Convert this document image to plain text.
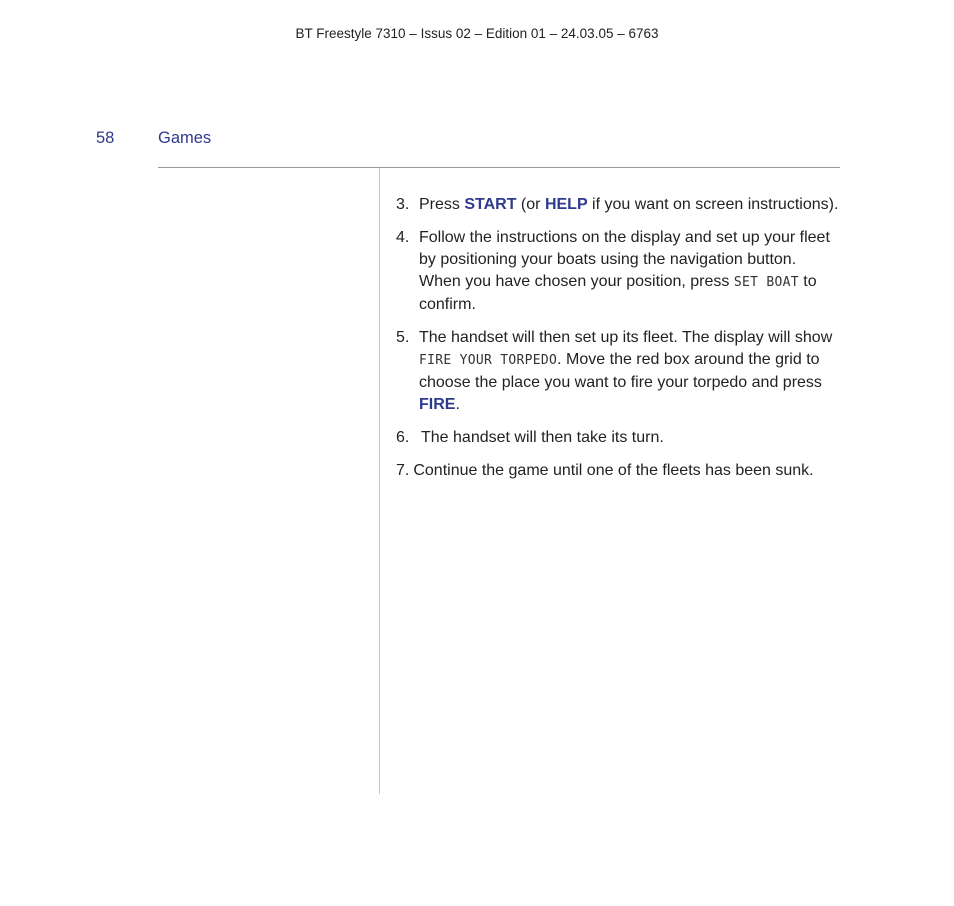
BT Freestyle 7310 – Issus 02 – Edition 01 – 24.03.05 – 6763
58	Games
3. Press START (or HELP if you want on screen instructions).
4. Follow the instructions on the display and set up your fleet by positioning your boats using the navigation button. When you have chosen your position, press SET BOAT to confirm.
5. The handset will then set up its fleet. The display will show FIRE YOUR TORPEDO. Move the red box around the grid to choose the place you want to fire your torpedo and press FIRE.
6. The handset will then take its turn.
7. Continue the game until one of the fleets has been sunk.
